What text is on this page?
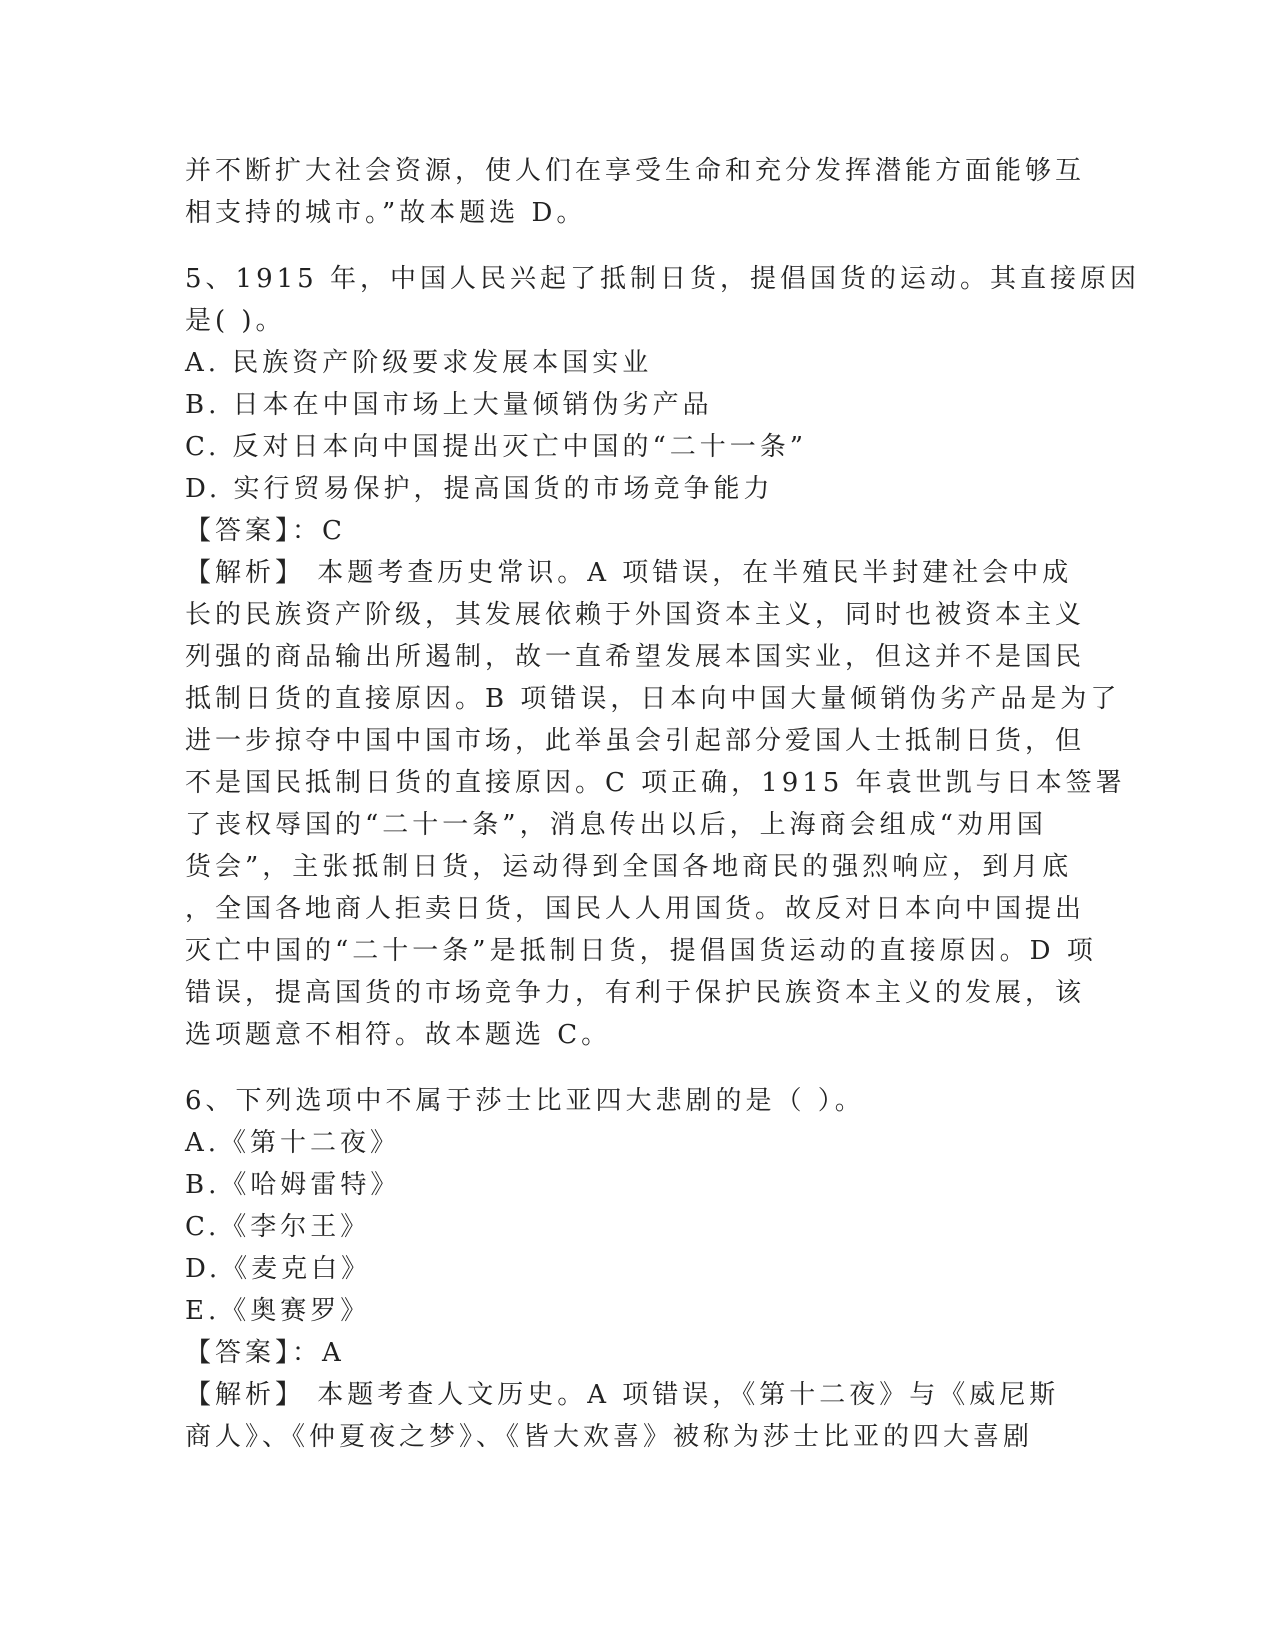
并不断扩大社会资源，使人们在享受生命和充分发挥潜能方面能够互
相支持的城市。”故本题选 D。
5、1915 年，中国人民兴起了抵制日货，提倡国货的运动。其直接原因
是( )。
A. 民族资产阶级要求发展本国实业
B. 日本在中国市场上大量倾销伪劣产品
C. 反对日本向中国提出灭亡中国的“二十一条”
D. 实行贸易保护，提高国货的市场竞争能力
【答案】：C
【解析】 本题考查历史常识。A 项错误，在半殖民半封建社会中成
长的民族资产阶级，其发展依赖于外国资本主义，同时也被资本主义
列强的商品输出所遏制，故一直希望发展本国实业，但这并不是国民
抵制日货的直接原因。B 项错误，日本向中国大量倾销伪劣产品是为了
进一步掠夺中国中国市场，此举虽会引起部分爱国人士抵制日货，但
不是国民抵制日货的直接原因。C 项正确，1915 年袁世凯与日本签署
了丧权辱国的“二十一条”，消息传出以后，上海商会组成“劝用国
货会”，主张抵制日货，运动得到全国各地商民的强烈响应，到月底
，全国各地商人拒卖日货，国民人人用国货。故反对日本向中国提出
灭亡中国的“二十一条”是抵制日货，提倡国货运动的直接原因。D 项
错误，提高国货的市场竞争力，有利于保护民族资本主义的发展，该
选项题意不相符。故本题选 C。
6、下列选项中不属于莎士比亚四大悲剧的是（ ）。
A.《第十二夜》
B.《哈姆雷特》
C.《李尔王》
D.《麦克白》
E.《奥赛罗》
【答案】：A
【解析】 本题考查人文历史。A 项错误，《第十二夜》与《威尼斯
商人》、《仲夏夜之梦》、《皆大欢喜》被称为莎士比亚的四大喜剧
